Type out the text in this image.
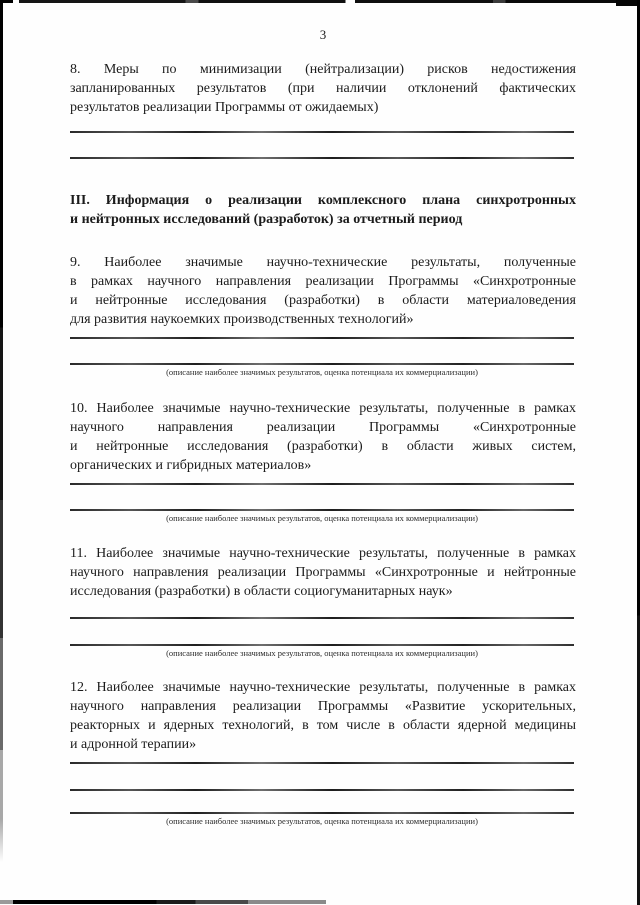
3
8. Меры по минимизации (нейтрализации) рисков недостижения
запланированных результатов (при наличии отклонений фактических
результатов реализации Программы от ожидаемых)
III. Информация о реализации комплексного плана синхротронных
и нейтронных исследований (разработок) за отчетный период
9. Наиболее значимые научно-технические результаты, полученные
в рамках научного направления реализации Программы «Синхротронные
и нейтронные исследования (разработки) в области материаловедения
для развития наукоемких производственных технологий»
(описание наиболее значимых результатов, оценка потенциала их коммерциализации)
10. Наиболее значимые научно-технические результаты, полученные в рамках
научного направления реализации Программы «Синхротронные
и нейтронные исследования (разработки) в области живых систем,
органических и гибридных материалов»
(описание наиболее значимых результатов, оценка потенциала их коммерциализации)
11. Наиболее значимые научно-технические результаты, полученные в рамках
научного направления реализации Программы «Синхротронные и нейтронные
исследования (разработки) в области социогуманитарных наук»
(описание наиболее значимых результатов, оценка потенциала их коммерциализации)
12. Наиболее значимые научно-технические результаты, полученные в рамках
научного направления реализации Программы «Развитие ускорительных,
реакторных и ядерных технологий, в том числе в области ядерной медицины
и адронной терапии»
(описание наиболее значимых результатов, оценка потенциала их коммерциализации)
